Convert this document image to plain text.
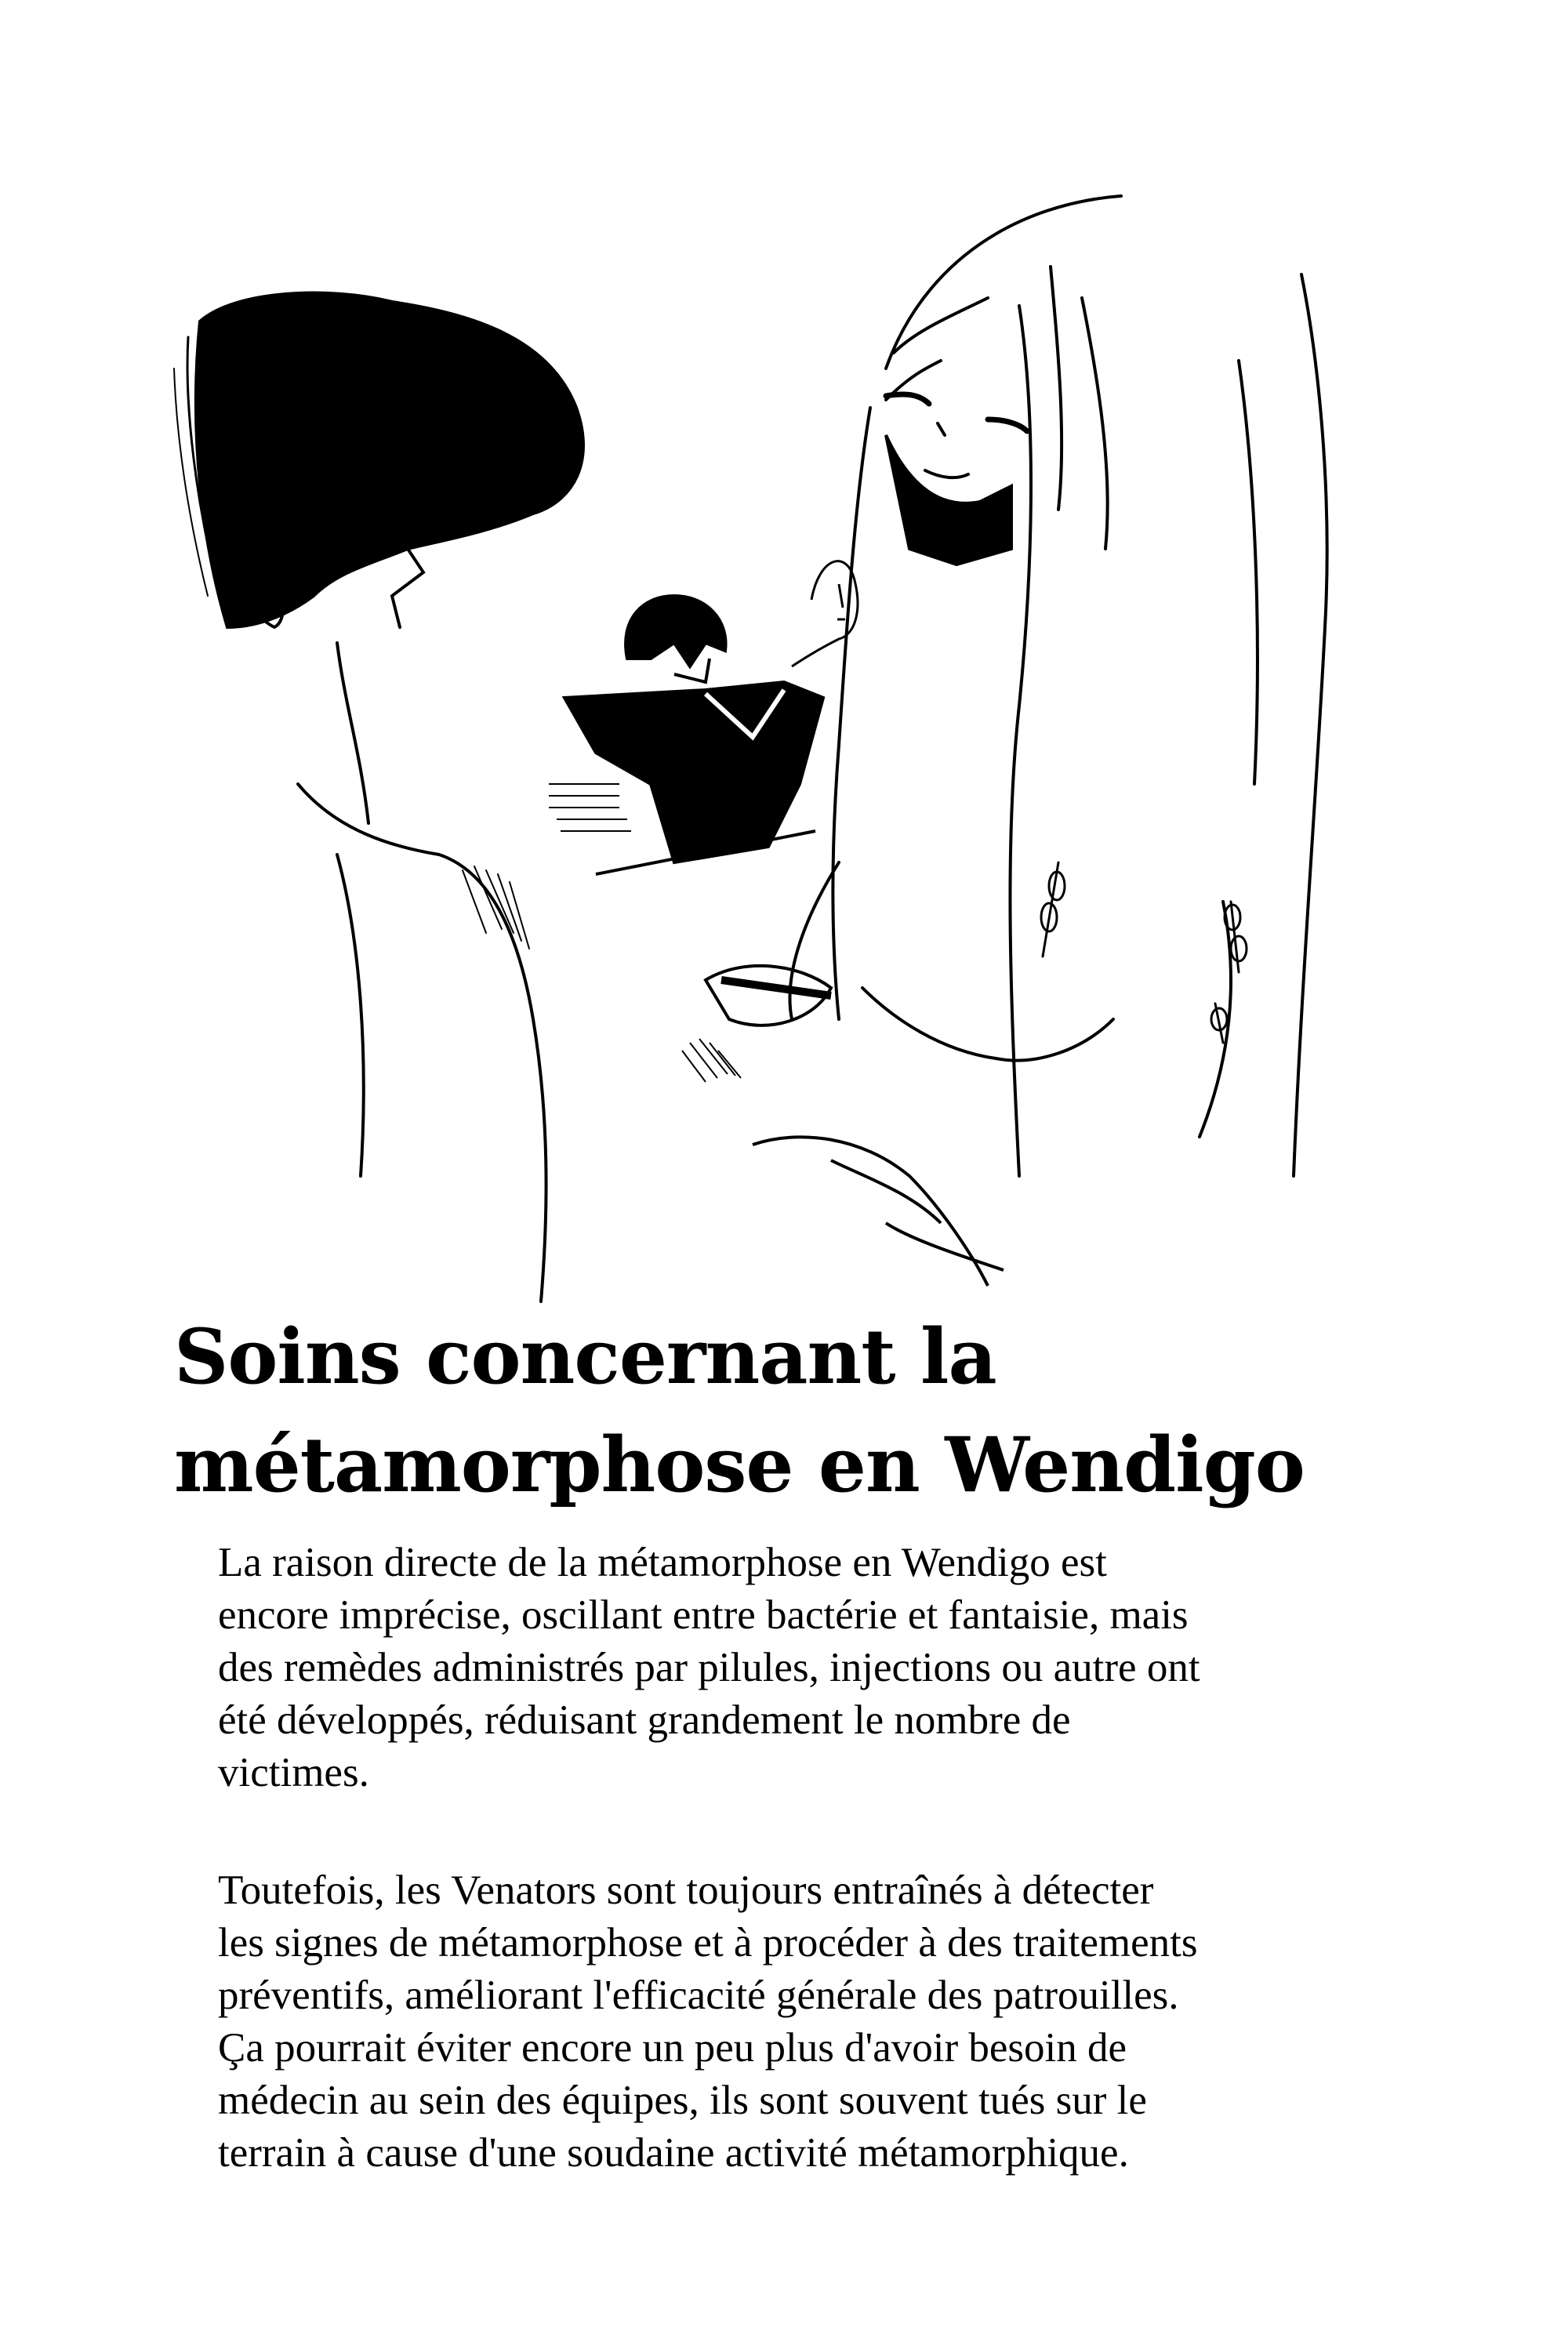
Soins concernant la
métamorphose en Wendigo

La raison directe de la métamorphose en Wendigo est
encore imprécise, oscillant entre bactérie et fantaisie, mais
des remèdes administrés par pilules, injections ou autre ont
été développés, réduisant grandement le nombre de
victimes.

Toutefois, les Venators sont toujours entraînés à détecter
les signes de métamorphose et à procéder à des traitements
préventifs, améliorant l'efficacité générale des patrouilles.
Ça pourrait éviter encore un peu plus d'avoir besoin de
médecin au sein des équipes, ils sont souvent tués sur le
terrain à cause d'une soudaine activité métamorphique.
